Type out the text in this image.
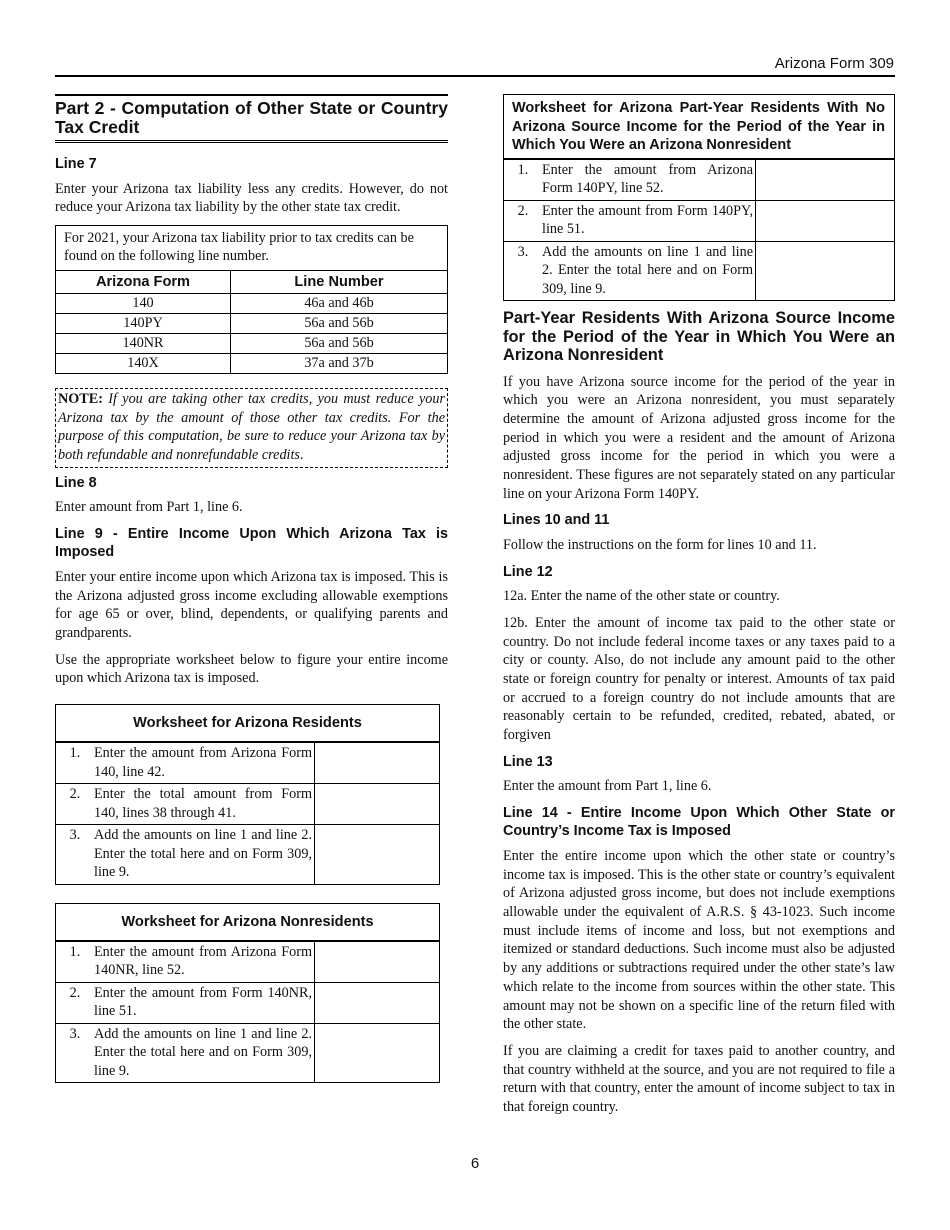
Arizona Form 309
Part 2 - Computation of Other State or Country Tax Credit
Line 7

Enter your Arizona tax liability less any credits. However, do not reduce your Arizona tax liability by the other state tax credit.

For 2021, your Arizona tax liability prior to tax credits can be found on the following line number.
Arizona Form	Line Number
140	46a and 46b
140PY	56a and 56b
140NR	56a and 56b
140X	37a and 37b
NOTE: If you are taking other tax credits, you must reduce your Arizona tax by the amount of those other tax credits. For the purpose of this computation, be sure to reduce your Arizona tax by both refundable and nonrefundable credits.
Line 8

Enter amount from Part 1, line 6.

Line 9 - Entire Income Upon Which Arizona Tax is Imposed

Enter your entire income upon which Arizona tax is imposed. This is the Arizona adjusted gross income excluding allowable exemptions for age 65 or over, blind, dependents, or qualifying parents and grandparents.

Use the appropriate worksheet below to figure your entire income upon which Arizona tax is imposed.

Worksheet for Arizona Residents
1. Enter the amount from Arizona Form 140, line 42.
2. Enter the total amount from Form 140, lines 38 through 41.
3. Add the amounts on line 1 and line 2. Enter the total here and on Form 309, line 9.
Worksheet for Arizona Nonresidents
1. Enter the amount from Arizona Form 140NR, line 52.
2. Enter the amount from Form 140NR, line 51.
3. Add the amounts on line 1 and line 2. Enter the total here and on Form 309, line 9.
Worksheet for Arizona Part-Year Residents With No Arizona Source Income for the Period of the Year in Which You Were an Arizona Nonresident
1. Enter the amount from Arizona Form 140PY, line 52.
2. Enter the amount from Form 140PY, line 51.
3. Add the amounts on line 1 and line 2. Enter the total here and on Form 309, line 9.
Part-Year Residents With Arizona Source Income for the Period of the Year in Which You Were an Arizona Nonresident

If you have Arizona source income for the period of the year in which you were an Arizona nonresident, you must separately determine the amount of Arizona adjusted gross income for the period in which you were a resident and the amount of Arizona adjusted gross income for the period in which you were a nonresident. These figures are not separately stated on any particular line on your Arizona Form 140PY.

Lines 10 and 11

Follow the instructions on the form for lines 10 and 11.

Line 12

12a. Enter the name of the other state or country.

12b. Enter the amount of income tax paid to the other state or country. Do not include federal income taxes or any taxes paid to a city or county. Also, do not include any amount paid to the other state or foreign country for penalty or interest. Amounts of tax paid or accrued to a foreign country do not include amounts that are reasonably certain to be refunded, credited, rebated, abated, or forgiven

Line 13

Enter the amount from Part 1, line 6.

Line 14 - Entire Income Upon Which Other State or Country’s Income Tax is Imposed

Enter the entire income upon which the other state or country’s income tax is imposed. This is the other state or country’s equivalent of Arizona adjusted gross income, but does not include exemptions allowable under the equivalent of A.R.S. § 43-1023. Such income must include items of income and loss, but not exemptions and itemized or standard deductions. Such income must also be adjusted by any additions or subtractions required under the other state’s law which relate to the income from sources within the other state. This amount may not be shown on a specific line of the return filed with the other state.

If you are claiming a credit for taxes paid to another country, and that country withheld at the source, and you are not required to file a return with that country, enter the amount of income subject to tax in that foreign country.

6
